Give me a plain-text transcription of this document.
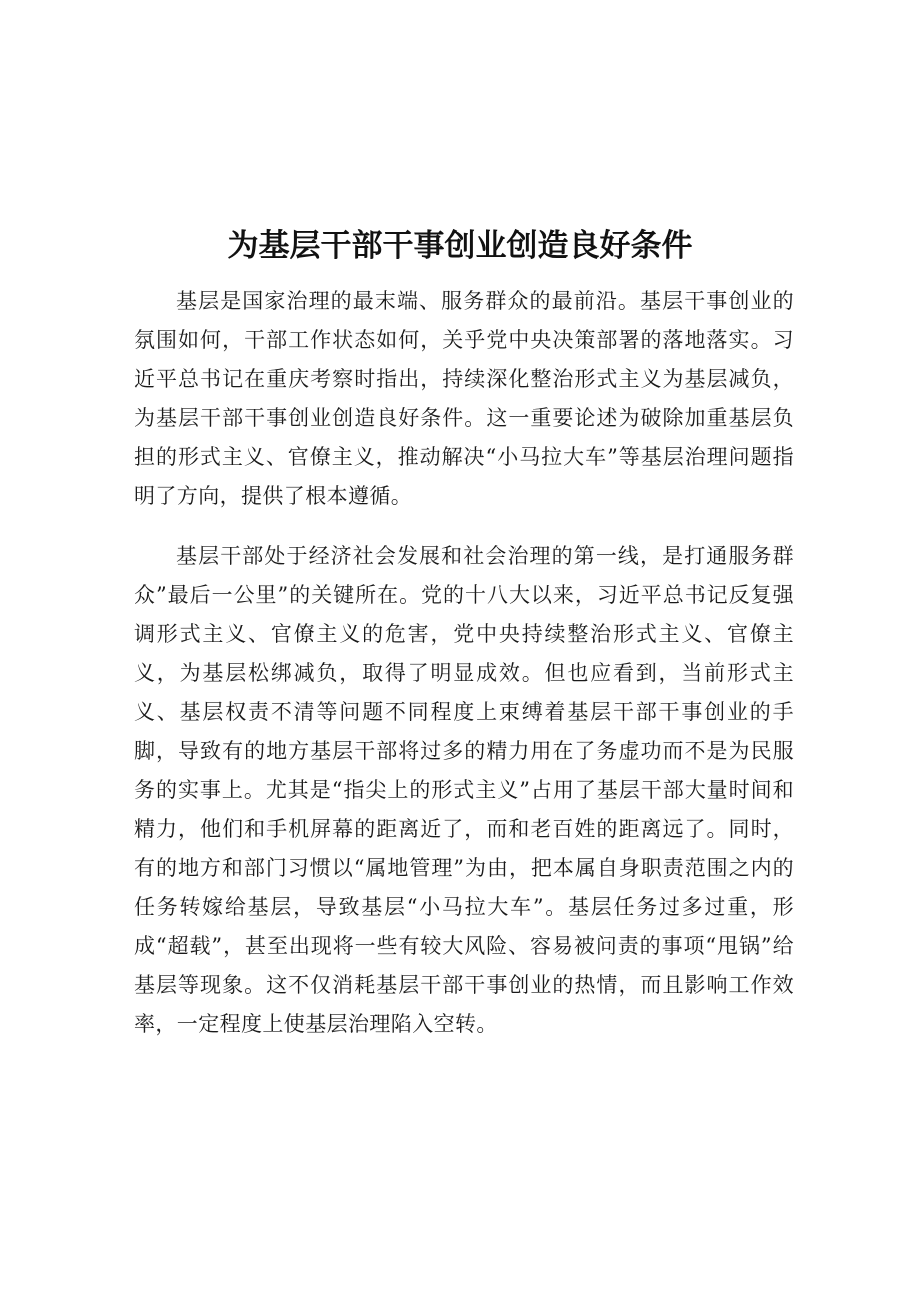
为基层干部干事创业创造良好条件

基层是国家治理的最末端、服务群众的最前沿。基层干事创业的氛围如何，干部工作状态如何，关乎党中央决策部署的落地落实。习近平总书记在重庆考察时指出，持续深化整治形式主义为基层减负，为基层干部干事创业创造良好条件。这一重要论述为破除加重基层负担的形式主义、官僚主义，推动解决“小马拉大车”等基层治理问题指明了方向，提供了根本遵循。

基层干部处于经济社会发展和社会治理的第一线，是打通服务群众”最后一公里”的关键所在。党的十八大以来，习近平总书记反复强调形式主义、官僚主义的危害，党中央持续整治形式主义、官僚主义，为基层松绑减负，取得了明显成效。但也应看到，当前形式主义、基层权责不清等问题不同程度上束缚着基层干部干事创业的手脚，导致有的地方基层干部将过多的精力用在了务虚功而不是为民服务的实事上。尤其是“指尖上的形式主义”占用了基层干部大量时间和精力，他们和手机屏幕的距离近了，而和老百姓的距离远了。同时，有的地方和部门习惯以“属地管理”为由，把本属自身职责范围之内的任务转嫁给基层，导致基层“小马拉大车”。基层任务过多过重，形成“超载”，甚至出现将一些有较大风险、容易被问责的事项“甩锅”给基层等现象。这不仅消耗基层干部干事创业的热情，而且影响工作效率，一定程度上使基层治理陷入空转。
